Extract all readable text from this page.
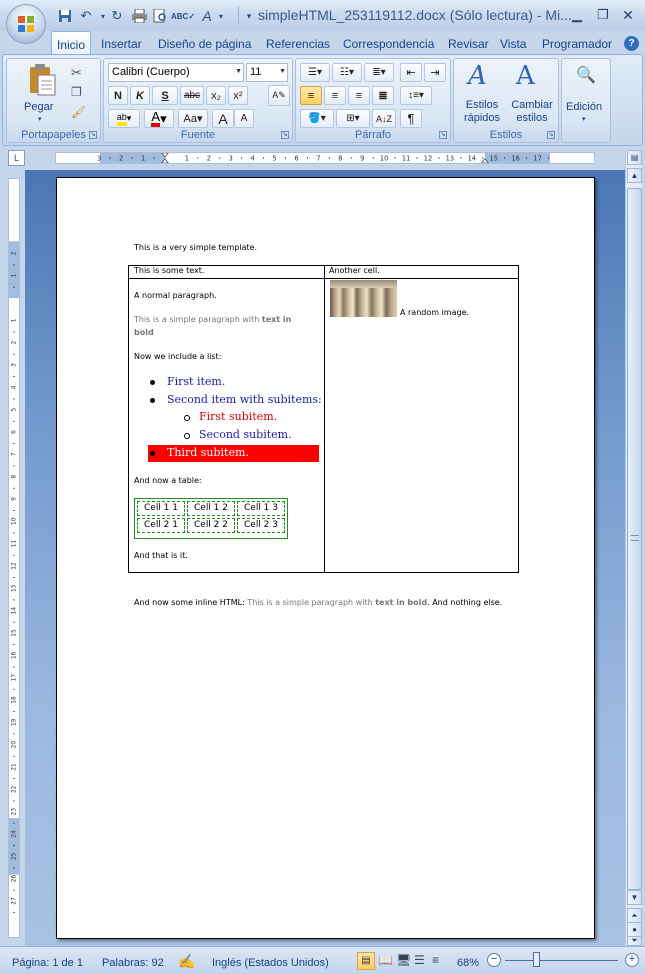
↶	▾ ↻	ABC✓ A ▾	▾ simpleHTML_253119112.docx (Sólo lectura) - Mi... ▁	❐ ✕
Inicio	Insertar Diseño de página Referencias Correspondencia Revisar Vista Programador	?
Pegar
▾
✂
❐
🖌
Portapapeles ↘
Calibri (Cuerpo)	▼ 11	▼
N	K	S	abc	x₂	x²	A✎
ab ▾	A ▾	Aa ▾	A	A
Fuente	↘
☰▾	☷▾	≣▾	⇤	⇥
≡	≡	≡	≣	↕≡▾
🪣▾	⊞▾	A↓Z	¶
Párrafo	↘
A
Estilos rápidos
A
Cambiar estilos
Estilos	↘
🔍
Edición
▾
L	3 2 1	1 2 3 4 5 6 7 8 9 10 11 12 13 14 15 16 17
2
1
1
2
3
4
5
6
7
8
9
10
11
12
13
14
15
16
17
18
19
20
21
22
23
24
25
26
27
This is a very simple template.
This is some text.	Another cell.
A normal paragraph.
This is a simple paragraph with text in
bold
Now we include a list:
First item.
Second item with subitems:
First subitem.
Second subitem.
Third subitem.
And now a table:
Cell 1 1	Cell 1 2	Cell 1 3
Cell 2 1	Cell 2 2	Cell 2 3
And that is it.
A random image.
And now some inline HTML: This is a simple paragraph with text in bold. And nothing else.
▤
▲
▼
⏶
●
⏷
Página: 1 de 1 Palabras: 92 ✍ Inglés (Estados Unidos)	▤ 📖 🖥 ☰ ≡ 68%	−	+
